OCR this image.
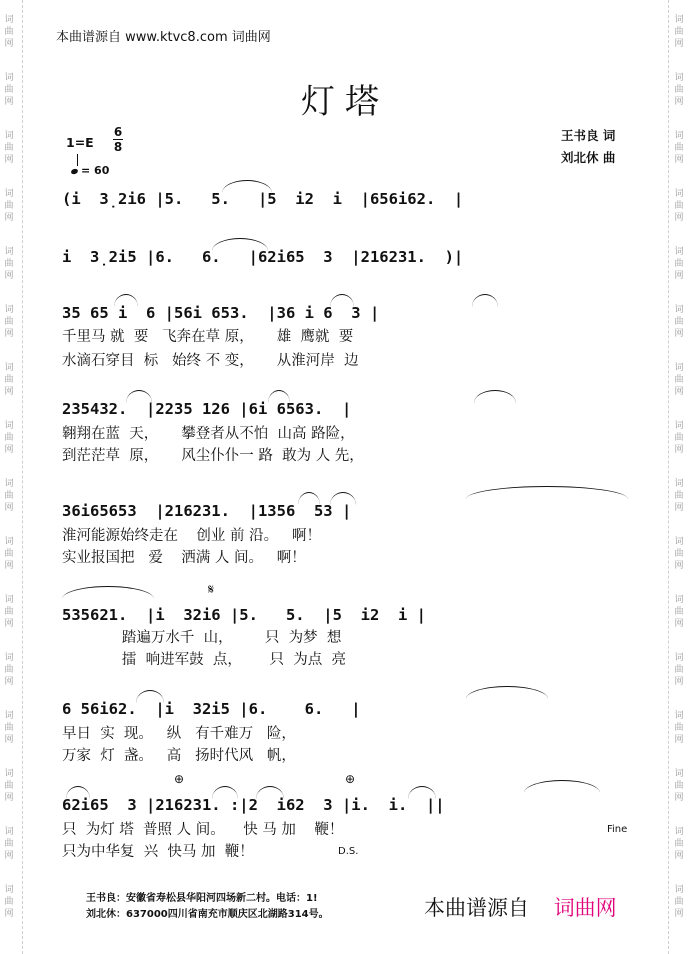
词
曲
网
词
曲
网
词
曲
网
词
曲
网
词
曲
网
词
曲
网
词
曲
网
词
曲
网
词
曲
网
词
曲
网
词
曲
网
词
曲
网
词
曲
网
词
曲
网
词
曲
网
词
曲
网
词
曲
网
词
曲
网
词
曲
网
词
曲
网
词
曲
网
词
曲
网
词
曲
网
词
曲
网
词
曲
网
词
曲
网
词
曲
网
词
曲
网
词
曲
网
词
曲
网
词
曲
网
词
曲
网
本曲谱源自 www.ktvc8.com 词曲网
灯塔
1=E
6
8
= 60
王书良 词
刘北休 曲
(i  3̣2i6 |5.   5.   |5  i2  i  |656i62.  |
i  3̣2i5 |6.   6.   |62i65  3  |216231.  )|
35 65 i  6 |56i 653.  |36 i 6  3 |
千里马 就  要   飞奔在草 原，     雄  鹰就  要
水滴石穿目  标   始终 不 变，     从淮河岸  边
235432.  |2235 126 |6i 6563.  |
翱翔在蓝  天，     攀登者从不怕  山高 路险，
到茫茫草  原，     风尘仆仆一 路  敢为 人 先，
36i65653  |216231.  |1356  53 |
淮河能源始终走在    创业 前 沿。   啊！
实业报国把   爱    洒满 人 间。   啊！
535621.  |i  32i6 |5.   5.  |5  i2  i |
𝄋
踏遍万水千  山，       只  为梦  想
擂  响进军鼓  点，      只  为点  亮
6 56i62.  |i  32i5 |6.    6.   |
早日  实  现。   纵   有千难万   险，
万家  灯  盏。   高   扬时代风   帆，
62i65  3 |216231. :|2  i62  3 |i.  i.  ||
⊕	⊕
只  为灯 塔  普照 人 间。    快 马 加    鞭！
只为中华复  兴  快马 加  鞭！
Fine
D.S.
王书良：安徽省寿松县华阳河四场新二村。电话：1!
刘北休：637000四川省南充市顺庆区北湖路314号。	本曲谱源自 词曲网
